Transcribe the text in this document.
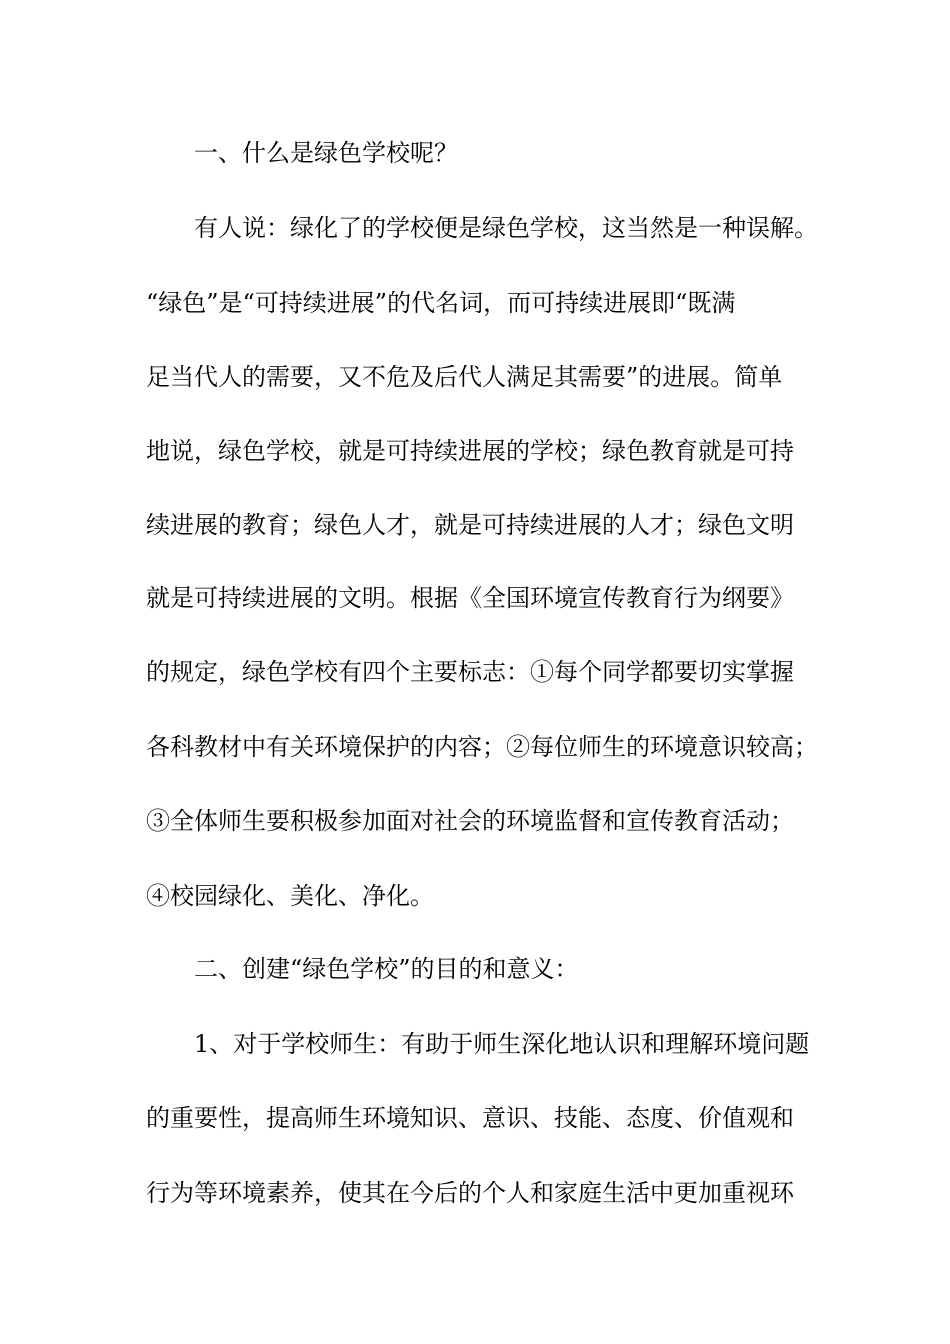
一、什么是绿色学校呢？
有人说：绿化了的学校便是绿色学校，这当然是一种误解。
“绿色”是“可持续进展”的代名词，而可持续进展即“既满
足当代人的需要，又不危及后代人满足其需要”的进展。简单
地说，绿色学校，就是可持续进展的学校；绿色教育就是可持
续进展的教育；绿色人才，就是可持续进展的人才；绿色文明
就是可持续进展的文明。根据《全国环境宣传教育行为纲要》
的规定，绿色学校有四个主要标志：①每个同学都要切实掌握
各科教材中有关环境保护的内容；②每位师生的环境意识较高；
③全体师生要积极参加面对社会的环境监督和宣传教育活动；
④校园绿化、美化、净化。
二、创建“绿色学校”的目的和意义：
1、对于学校师生：有助于师生深化地认识和理解环境问题
的重要性，提高师生环境知识、意识、技能、态度、价值观和
行为等环境素养，使其在今后的个人和家庭生活中更加重视环
